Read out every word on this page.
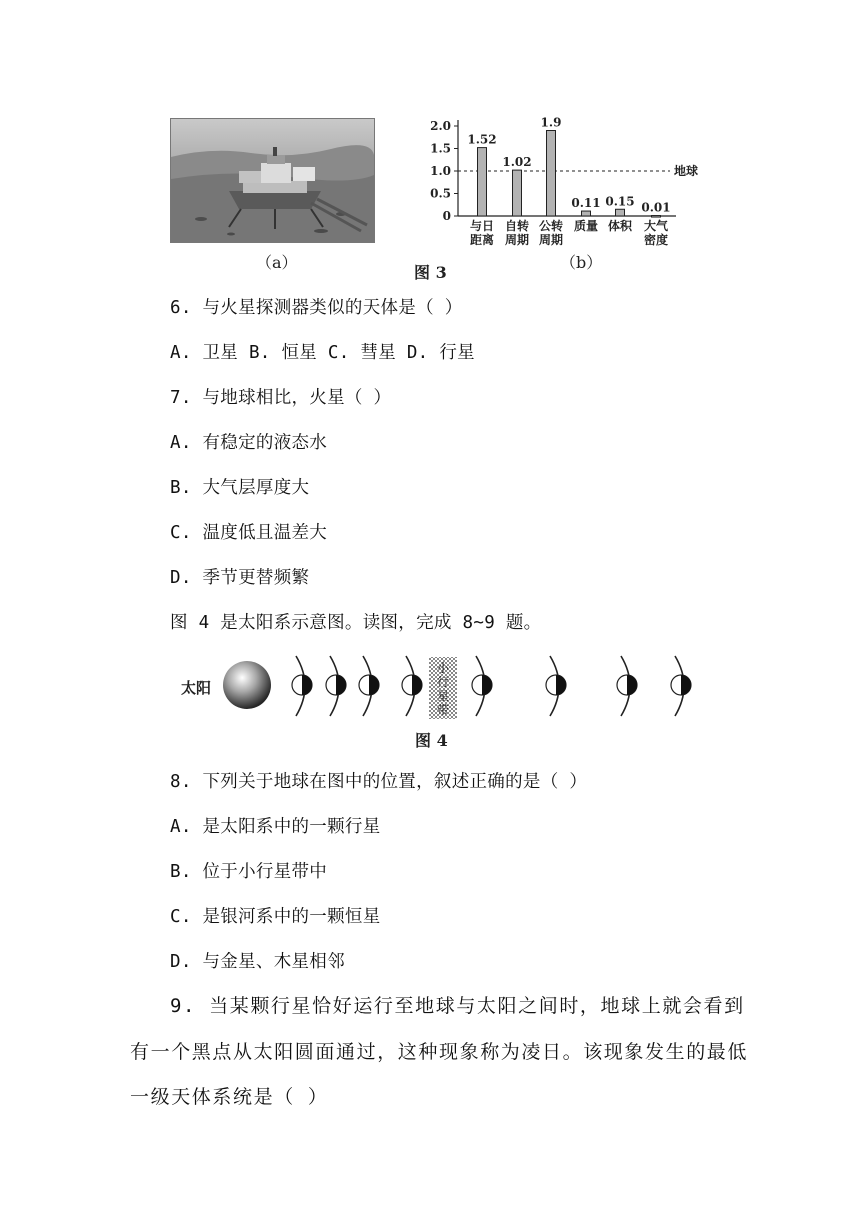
（a）
图 3
（b）
2.0
1.5
1.0
0.5
0
地球
1.52
与日
距离
1.02
自转
周期
1.9
公转
周期
0.11
质量
0.15
体积
0.01
大气
密度
6. 与火星探测器类似的天体是（ ）
A. 卫星 B. 恒星 C. 彗星 D. 行星
7. 与地球相比，火星（ ）
A. 有稳定的液态水
B. 大气层厚度大
C. 温度低且温差大
D. 季节更替频繁
图 4 是太阳系示意图。读图，完成 8~9 题。
太阳
小
行
星
带
图 4
8. 下列关于地球在图中的位置，叙述正确的是（ ）
A. 是太阳系中的一颗行星
B. 位于小行星带中
C. 是银河系中的一颗恒星
D. 与金星、木星相邻
9. 当某颗行星恰好运行至地球与太阳之间时，地球上就会看到
有一个黑点从太阳圆面通过，这种现象称为凌日。该现象发生的最低
一级天体系统是（ ）
